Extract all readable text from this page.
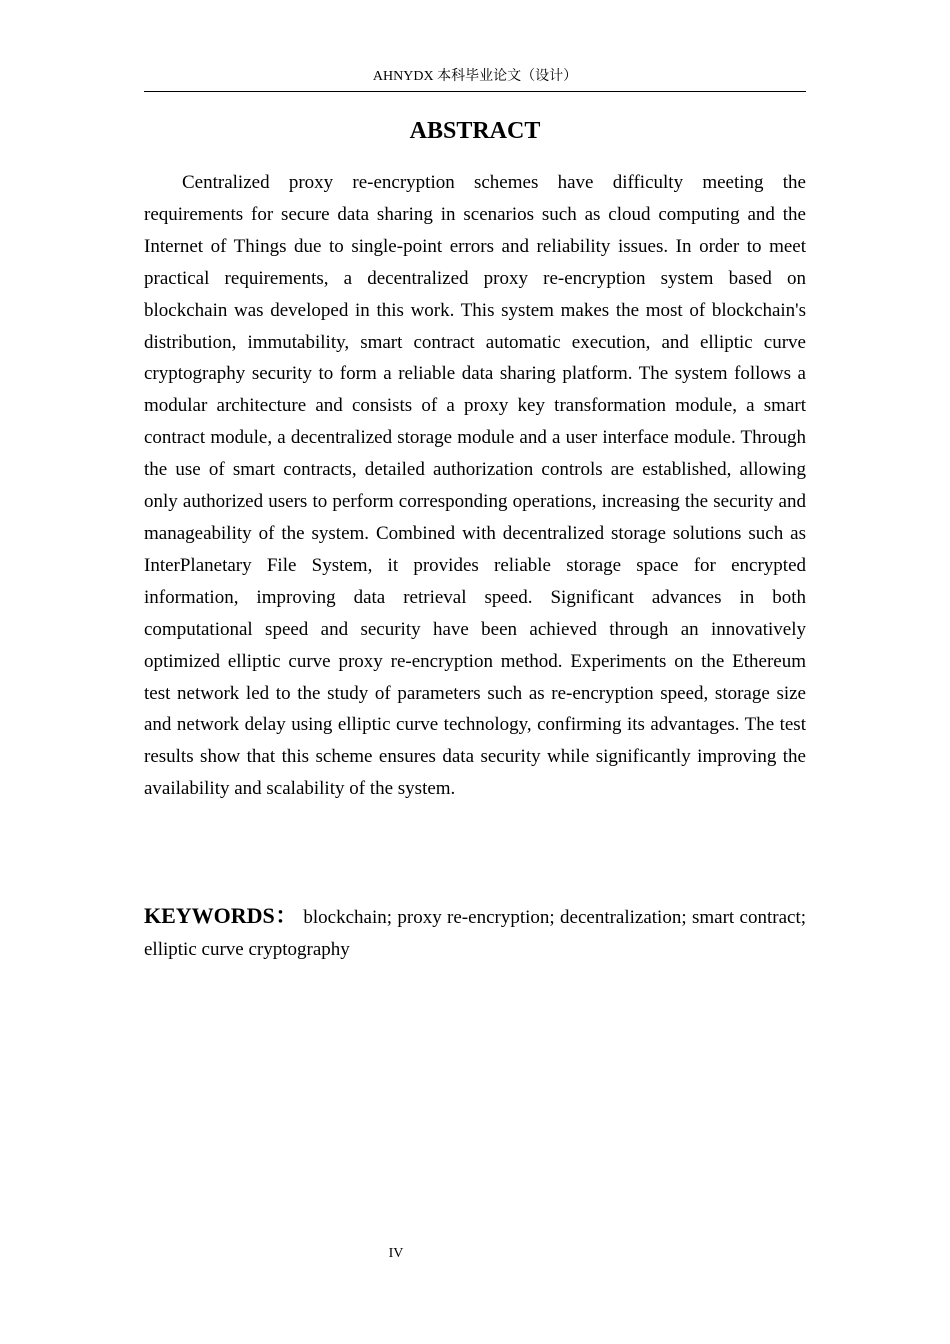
AHNYDX 本科毕业论文（设计）
ABSTRACT

Centralized proxy re-encryption schemes have difficulty meeting the requirements for secure data sharing in scenarios such as cloud computing and the Internet of Things due to single-point errors and reliability issues. In order to meet practical requirements, a decentralized proxy re-encryption system based on blockchain was developed in this work. This system makes the most of blockchain's distribution, immutability, smart contract automatic execution, and elliptic curve cryptography security to form a reliable data sharing platform. The system follows a modular architecture and consists of a proxy key transformation module, a smart contract module, a decentralized storage module and a user interface module. Through the use of smart contracts, detailed authorization controls are established, allowing only authorized users to perform corresponding operations, increasing the security and manageability of the system. Combined with decentralized storage solutions such as InterPlanetary File System, it provides reliable storage space for encrypted information, improving data retrieval speed. Significant advances in both computational speed and security have been achieved through an innovatively optimized elliptic curve proxy re-encryption method. Experiments on the Ethereum test network led to the study of parameters such as re-encryption speed, storage size and network delay using elliptic curve technology, confirming its advantages. The test results show that this scheme ensures data security while significantly improving the availability and scalability of the system.

KEYWORDS： blockchain; proxy re-encryption; decentralization; smart contract; elliptic curve cryptography

IV
